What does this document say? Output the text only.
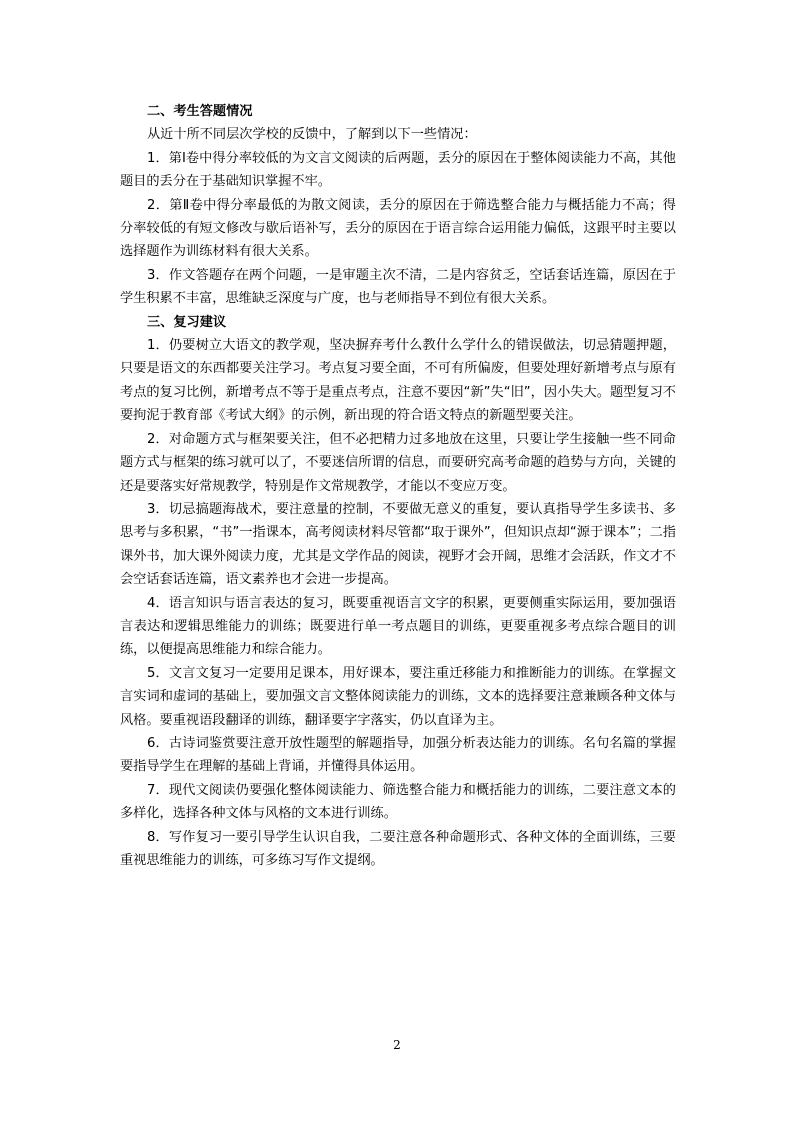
二、考生答题情况

从近十所不同层次学校的反馈中，了解到以下一些情况：

1．第Ⅰ卷中得分率较低的为文言文阅读的后两题，丢分的原因在于整体阅读能力不高，其他题目的丢分在于基础知识掌握不牢。

2．第Ⅱ卷中得分率最低的为散文阅读，丢分的原因在于筛选整合能力与概括能力不高；得分率较低的有短文修改与歇后语补写，丢分的原因在于语言综合运用能力偏低，这跟平时主要以选择题作为训练材料有很大关系。

3．作文答题存在两个问题，一是审题主次不清，二是内容贫乏，空话套话连篇，原因在于学生积累不丰富，思维缺乏深度与广度，也与老师指导不到位有很大关系。

三、复习建议

1．仍要树立大语文的教学观，坚决摒弃考什么教什么学什么的错误做法，切忌猜题押题，只要是语文的东西都要关注学习。考点复习要全面，不可有所偏废，但要处理好新增考点与原有考点的复习比例，新增考点不等于是重点考点，注意不要因“新”失“旧”，因小失大。题型复习不要拘泥于教育部《考试大纲》的示例，新出现的符合语文特点的新题型要关注。

2．对命题方式与框架要关注，但不必把精力过多地放在这里，只要让学生接触一些不同命题方式与框架的练习就可以了，不要迷信所谓的信息，而要研究高考命题的趋势与方向，关键的还是要落实好常规教学，特别是作文常规教学，才能以不变应万变。

3．切忌搞题海战术，要注意量的控制，不要做无意义的重复，要认真指导学生多读书、多思考与多积累，“书”一指课本，高考阅读材料尽管都“取于课外”，但知识点却“源于课本”；二指课外书，加大课外阅读力度，尤其是文学作品的阅读，视野才会开阔，思维才会活跃，作文才不会空话套话连篇，语文素养也才会进一步提高。

4．语言知识与语言表达的复习，既要重视语言文字的积累，更要侧重实际运用，要加强语言表达和逻辑思维能力的训练；既要进行单一考点题目的训练，更要重视多考点综合题目的训练，以便提高思维能力和综合能力。

5．文言文复习一定要用足课本，用好课本，要注重迁移能力和推断能力的训练。在掌握文言实词和虚词的基础上，要加强文言文整体阅读能力的训练，文本的选择要注意兼顾各种文体与风格。要重视语段翻译的训练，翻译要字字落实，仍以直译为主。

6．古诗词鉴赏要注意开放性题型的解题指导，加强分析表达能力的训练。名句名篇的掌握要指导学生在理解的基础上背诵，并懂得具体运用。

7．现代文阅读仍要强化整体阅读能力、筛选整合能力和概括能力的训练，二要注意文本的多样化，选择各种文体与风格的文本进行训练。

8．写作复习一要引导学生认识自我，二要注意各种命题形式、各种文体的全面训练，三要重视思维能力的训练，可多练习写作文提纲。

2
